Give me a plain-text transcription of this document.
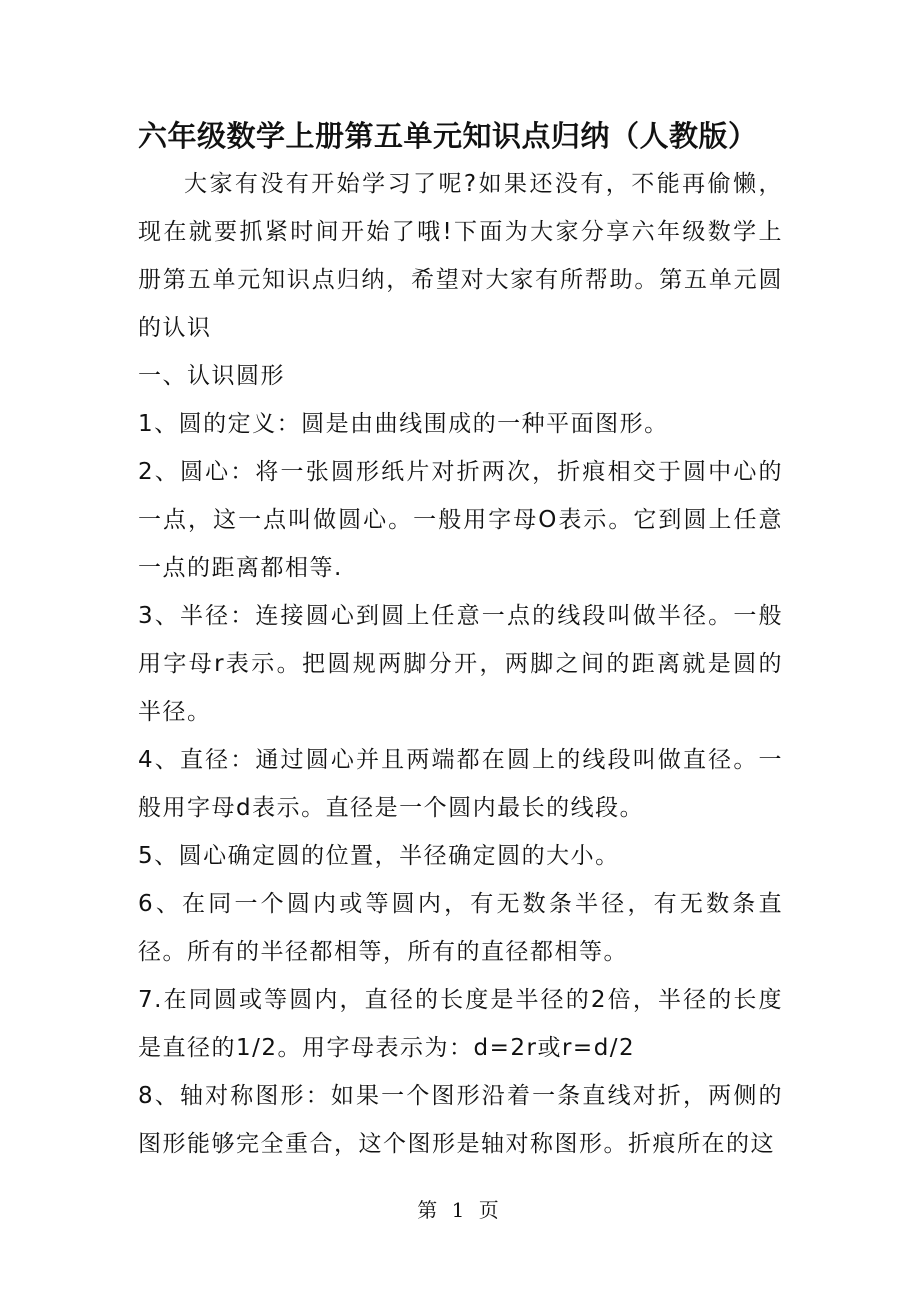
六年级数学上册第五单元知识点归纳（人教版）

大家有没有开始学习了呢?如果还没有，不能再偷懒，现在就要抓紧时间开始了哦!下面为大家分享六年级数学上册第五单元知识点归纳，希望对大家有所帮助。第五单元圆的认识

一、认识圆形

1、圆的定义：圆是由曲线围成的一种平面图形。

2、圆心：将一张圆形纸片对折两次，折痕相交于圆中心的一点，这一点叫做圆心。一般用字母O表示。它到圆上任意一点的距离都相等.

3、半径：连接圆心到圆上任意一点的线段叫做半径。一般用字母r表示。把圆规两脚分开，两脚之间的距离就是圆的半径。

4、直径：通过圆心并且两端都在圆上的线段叫做直径。一般用字母d表示。直径是一个圆内最长的线段。

5、圆心确定圆的位置，半径确定圆的大小。

6、在同一个圆内或等圆内，有无数条半径，有无数条直径。所有的半径都相等，所有的直径都相等。

7.在同圆或等圆内，直径的长度是半径的2倍，半径的长度是直径的1/2。用字母表示为：d=2r或r=d/2

8、轴对称图形：如果一个图形沿着一条直线对折，两侧的图形能够完全重合，这个图形是轴对称图形。折痕所在的这

第 1 页
